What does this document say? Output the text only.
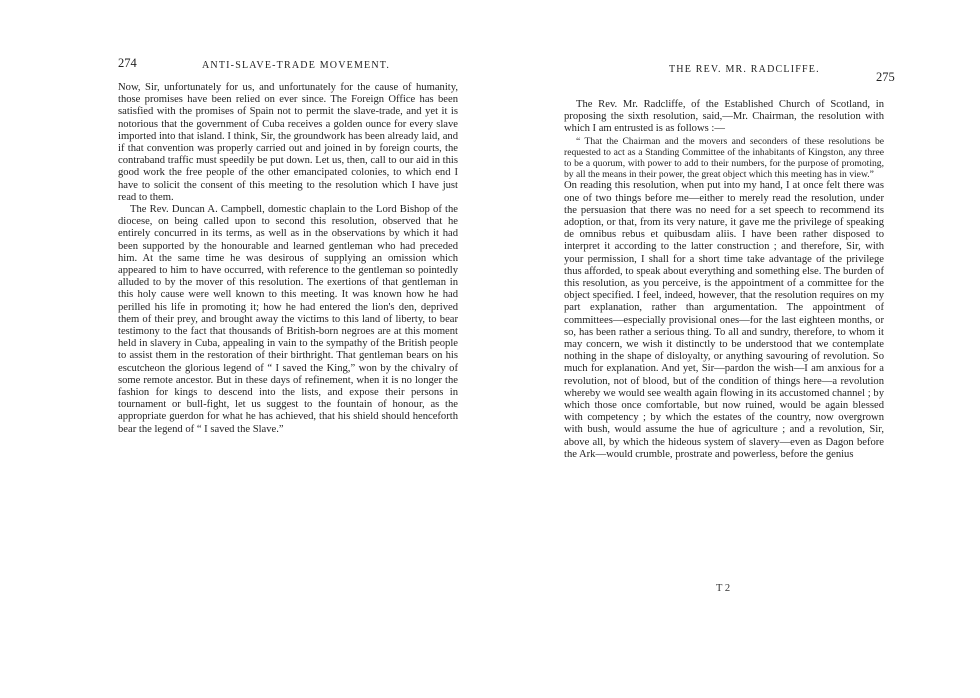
274	ANTI-SLAVE-TRADE MOVEMENT.

Now, Sir, unfortunately for us, and unfortunately for the cause of humanity, those promises have been relied on ever since. The Foreign Office has been satisfied with the promises of Spain not to permit the slave-trade, and yet it is notorious that the government of Cuba receives a golden ounce for every slave imported into that island. I think, Sir, the groundwork has been already laid, and if that convention was properly carried out and joined in by foreign courts, the contraband traffic must speedily be put down. Let us, then, call to our aid in this good work the free people of the other emancipated colonies, to which end I have to solicit the consent of this meeting to the resolution which I have just read to them.

The Rev. Duncan A. Campbell, domestic chaplain to the Lord Bishop of the diocese, on being called upon to second this resolution, observed that he entirely concurred in its terms, as well as in the observations by which it had been supported by the honourable and learned gentleman who had preceded him. At the same time he was desirous of supplying an omission which appeared to him to have occurred, with reference to the gentleman so pointedly alluded to by the mover of this resolution. The exertions of that gentleman in this holy cause were well known to this meeting. It was known how he had perilled his life in promoting it; how he had entered the lion's den, deprived them of their prey, and brought away the victims to this land of liberty, to bear testimony to the fact that thousands of British-born negroes are at this moment held in slavery in Cuba, appealing in vain to the sympathy of the British people to assist them in the restoration of their birthright. That gentleman bears on his escutcheon the glorious legend of “ I saved the King,” won by the chivalry of some remote ancestor. But in these days of refinement, when it is no longer the fashion for kings to descend into the lists, and expose their persons in tournament or bull-fight, let us suggest to the fountain of honour, as the appropriate guerdon for what he has achieved, that his shield should henceforth bear the legend of “ I saved the Slave.”

THE REV. MR. RADCLIFFE.
275

The Rev. Mr. Radcliffe, of the Established Church of Scotland, in proposing the sixth resolution, said,—Mr. Chairman, the resolution with which I am entrusted is as follows :—

“ That the Chairman and the movers and seconders of these resolutions be requested to act as a Standing Committee of the inhabitants of Kingston, any three to be a quorum, with power to add to their numbers, for the purpose of promoting, by all the means in their power, the great object which this meeting has in view.”

On reading this resolution, when put into my hand, I at once felt there was one of two things before me—either to merely read the resolution, under the persuasion that there was no need for a set speech to recommend its adoption, or that, from its very nature, it gave me the privilege of speaking de omnibus rebus et quibusdam aliis. I have been rather disposed to interpret it according to the latter construction ; and therefore, Sir, with your permission, I shall for a short time take advantage of the privilege thus afforded, to speak about everything and something else. The burden of this resolution, as you perceive, is the appointment of a committee for the object specified. I feel, indeed, however, that the resolution requires on my part explanation, rather than argumentation. The appointment of committees—especially provisional ones—for the last eighteen months, or so, has been rather a serious thing. To all and sundry, therefore, to whom it may concern, we wish it distinctly to be understood that we contemplate nothing in the shape of disloyalty, or anything savouring of revolution. So much for explanation. And yet, Sir—pardon the wish—I am anxious for a revolution, not of blood, but of the condition of things here—a revolution whereby we would see wealth again flowing in its accustomed channel ; by which those once comfortable, but now ruined, would be again blessed with competency ; by which the estates of the country, now overgrown with bush, would assume the hue of agriculture ; and a revolution, Sir, above all, by which the hideous system of slavery—even as Dagon before the Ark—would crumble, prostrate and powerless, before the genius

T 2
